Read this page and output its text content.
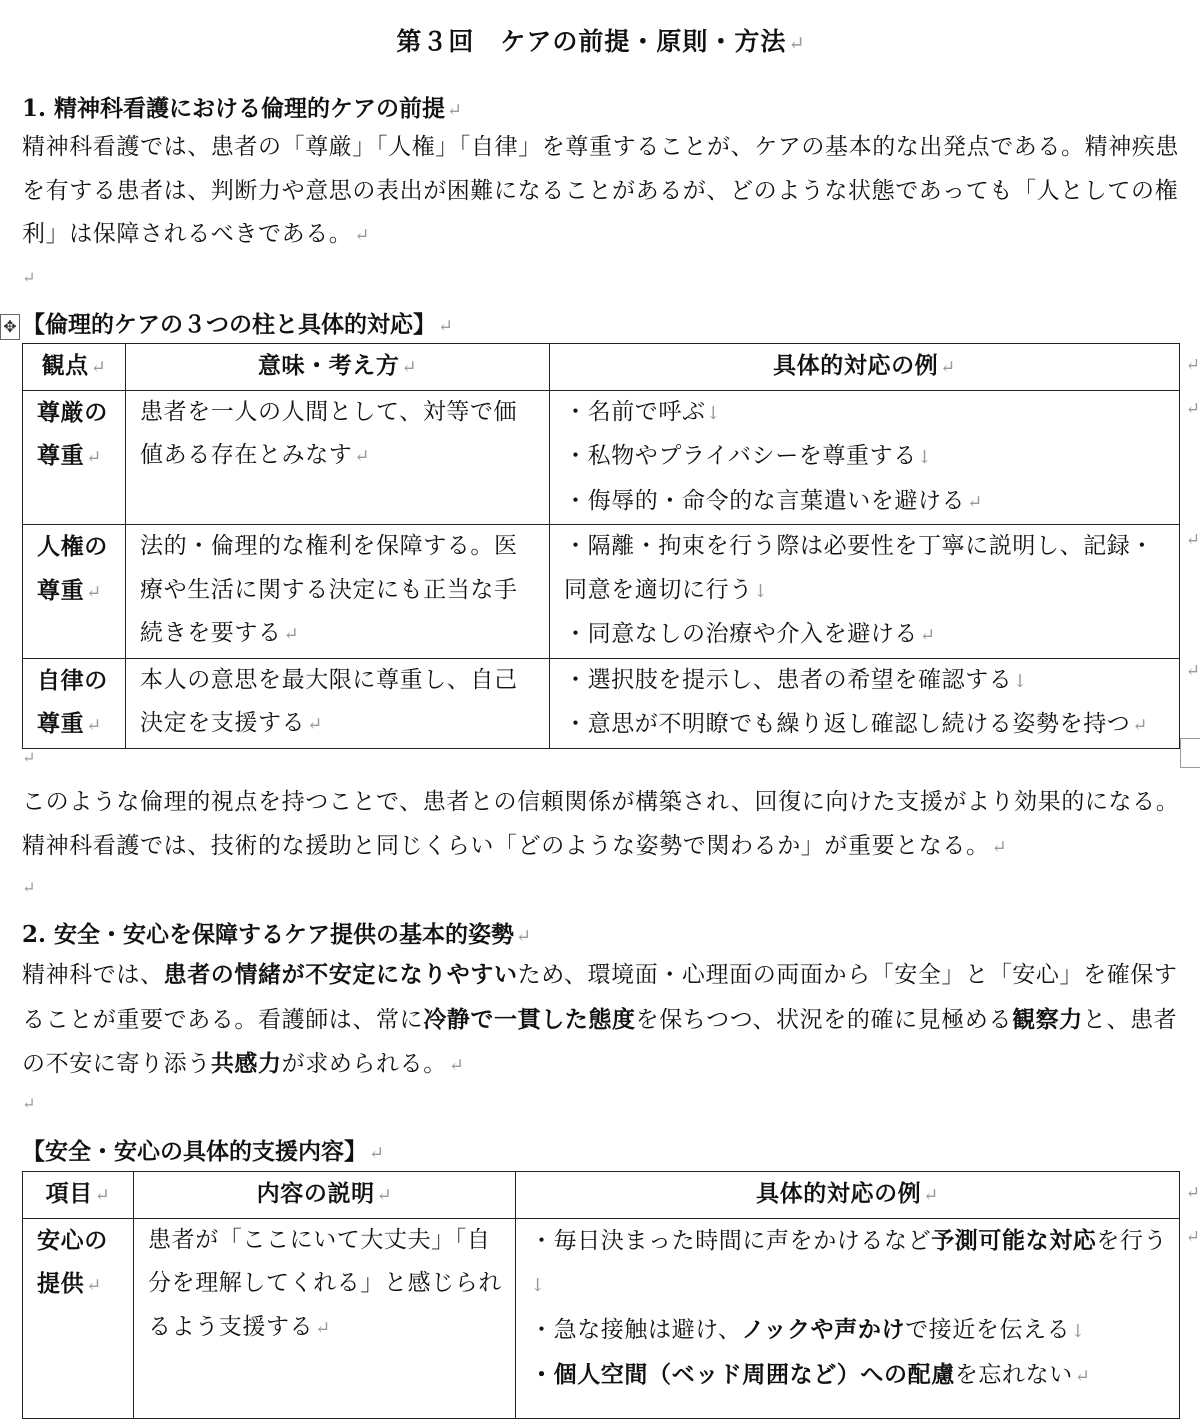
第３回　ケアの前提・原則・方法 ↵
1. 精神科看護における倫理的ケアの前提 ↵
精神科看護では、患者の「尊厳」「人権」「自律」を尊重することが、ケアの基本的な出発点である。精神疾患を有する患者は、判断力や意思の表出が困難になることがあるが、どのような状態であっても「人としての権利」は保障されるべきである。 ↵
↵
✥ 【倫理的ケアの３つの柱と具体的対応】 ↵
観点 ↵	意味・考え方 ↵	具体的対応の例 ↵
尊厳の尊重 ↵	患者を一人の人間として、対等で価値ある存在とみなす ↵	・名前で呼ぶ↓
・私物やプライバシーを尊重する↓
・侮辱的・命令的な言葉遣いを避ける ↵

人権の尊重 ↵	法的・倫理的な権利を保障する。医療や生活に関する決定にも正当な手続きを要する ↵	・隔離・拘束を行う際は必要性を丁寧に説明し、記録・同意を適切に行う↓
・同意なしの治療や介入を避ける ↵

自律の尊重 ↵	本人の意思を最大限に尊重し、自己決定を支援する ↵	・選択肢を提示し、患者の希望を確認する↓
・意思が不明瞭でも繰り返し確認し続ける姿勢を持つ ↵
↵
↵
↵
↵
↵
このような倫理的視点を持つことで、患者との信頼関係が構築され、回復に向けた支援がより効果的になる。精神科看護では、技術的な援助と同じくらい「どのような姿勢で関わるか」が重要となる。 ↵
↵
2. 安全・安心を保障するケア提供の基本的姿勢 ↵
精神科では、患者の情緒が不安定になりやすいため、環境面・心理面の両面から「安全」と「安心」を確保することが重要である。看護師は、常に冷静で一貫した態度を保ちつつ、状況を的確に見極める観察力と、患者の不安に寄り添う共感力が求められる。 ↵
↵
【安全・安心の具体的支援内容】 ↵
項目 ↵	内容の説明 ↵	具体的対応の例 ↵
安心の提供 ↵	患者が「ここにいて大丈夫」「自分を理解してくれる」と感じられるよう支援する ↵	・毎日決まった時間に声をかけるなど予測可能な対応を行う↓
・急な接触は避け、ノックや声かけで接近を伝える↓
・個人空間（ベッド周囲など）への配慮を忘れない ↵
↵
↵
